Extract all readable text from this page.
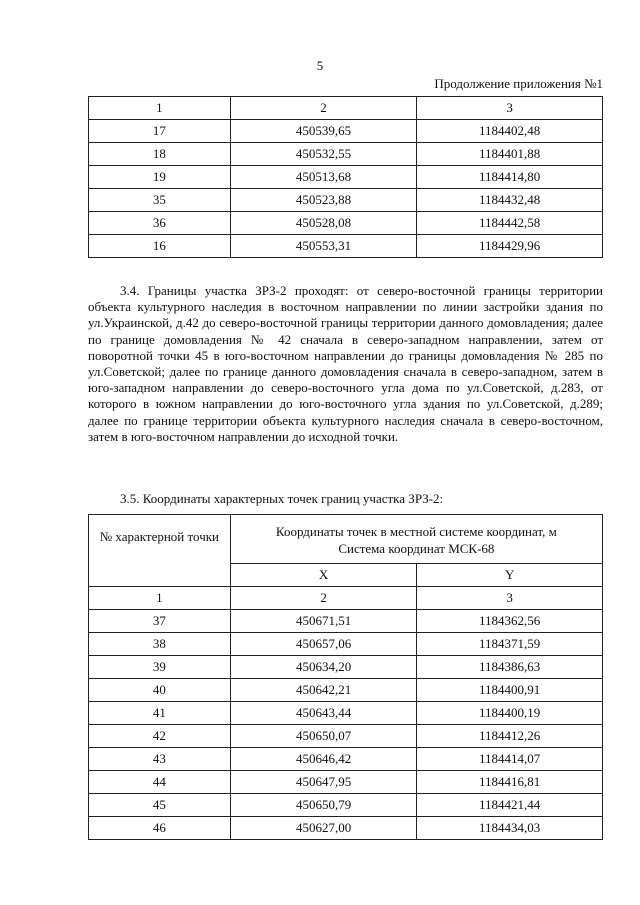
5
Продолжение приложения №1
1	2	3
17	450539,65	1184402,48
18	450532,55	1184401,88
19	450513,68	1184414,80
35	450523,88	1184432,48
36	450528,08	1184442,58
16	450553,31	1184429,96

3.4. Границы участка ЗРЗ-2 проходят: от северо-восточной границы территории объекта культурного наследия в восточном направлении по линии застройки здания по ул.Украинской, д.42 до северо-восточной границы территории данного домовладения; далее по границе домовладения № 42 сначала в северо-западном направлении, затем от поворотной точки 45 в юго-восточном направлении до границы домовладения № 285 по ул.Советской; далее по границе данного домовладения сначала в северо-западном, затем в юго-западном направлении до северо-восточного угла дома по ул.Советской, д.283, от которого в южном направлении до юго-восточного угла здания по ул.Советской, д.289; далее по границе территории объекта культурного наследия сначала в северо-восточном, затем в юго-восточном направлении до исходной точки.

3.5. Координаты характерных точек границ участка ЗРЗ-2:

№ характерной точки	Координаты точек в местной системе координат, м
Система координат МСК-68	
	X	Y
1	2	3
37	450671,51	1184362,56
38	450657,06	1184371,59
39	450634,20	1184386,63
40	450642,21	1184400,91
41	450643,44	1184400,19
42	450650,07	1184412,26
43	450646,42	1184414,07
44	450647,95	1184416,81
45	450650,79	1184421,44
46	450627,00	1184434,03
